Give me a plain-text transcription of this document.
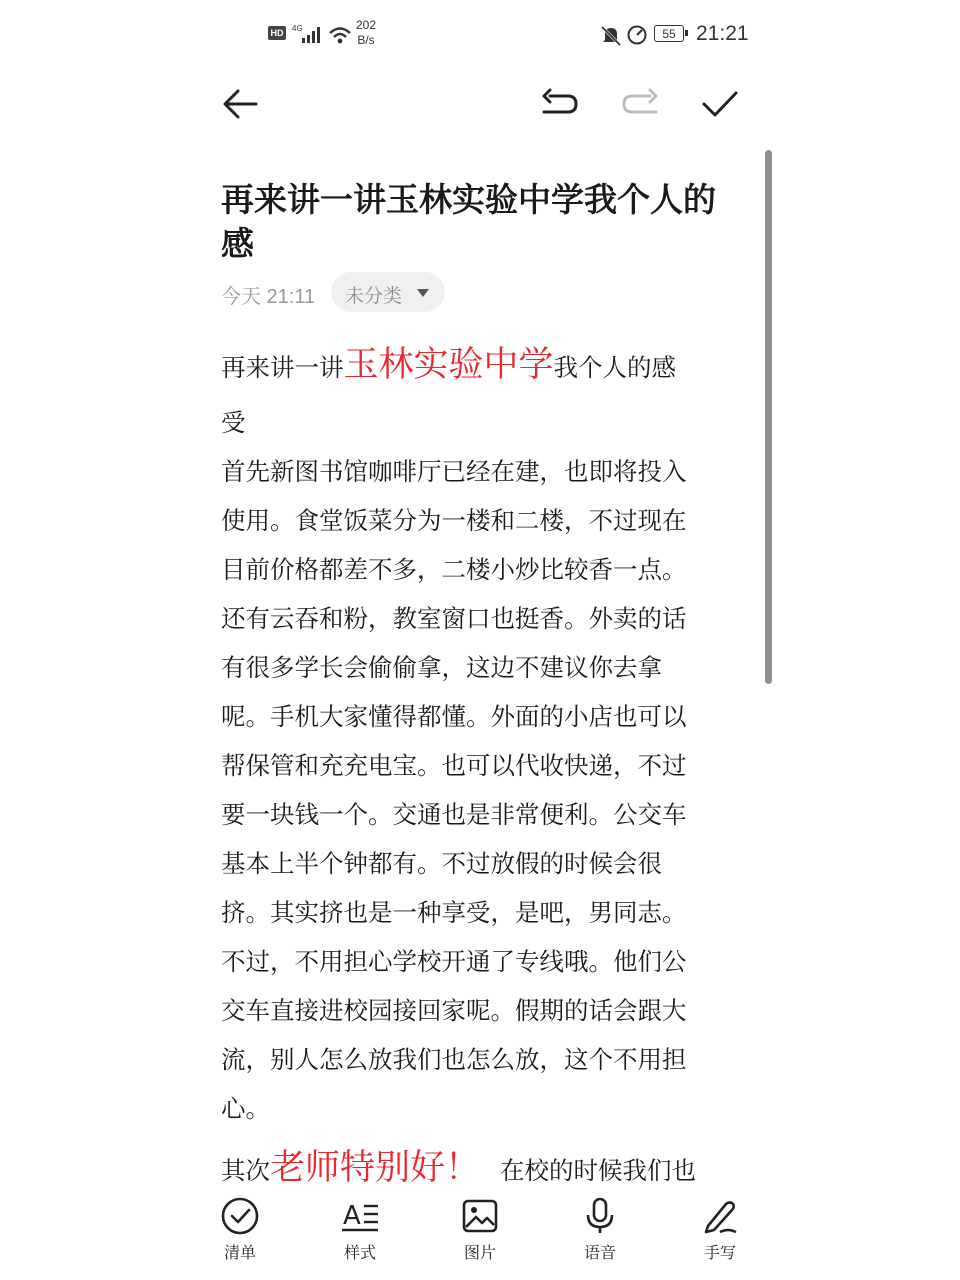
HD	4G	202
B/s	55 21:21
再来讲一讲玉林实验中学我个人的感
今天 21:11 未分类
再来讲一讲玉林实验中学我个人的感
受
首先新图书馆咖啡厅已经在建，也即将投入
使用。食堂饭菜分为一楼和二楼，不过现在
目前价格都差不多，二楼小炒比较香一点。
还有云吞和粉，教室窗口也挺香。外卖的话
有很多学长会偷偷拿，这边不建议你去拿
呢。手机大家懂得都懂。外面的小店也可以
帮保管和充充电宝。也可以代收快递，不过
要一块钱一个。交通也是非常便利。公交车
基本上半个钟都有。不过放假的时候会很
挤。其实挤也是一种享受，是吧，男同志。
不过，不用担心学校开通了专线哦。他们公
交车直接进校园接回家呢。假期的话会跟大
流，别人怎么放我们也怎么放，这个不用担
心。
其次老师特别好！ 在校的时候我们也
清单
A
样式	图片	语音	手写
